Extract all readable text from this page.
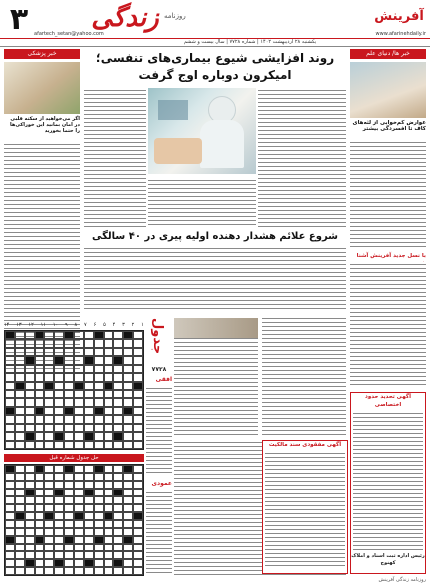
۳ زندگی روزنامه
afartech_setan@yahoo.com
آفرینش
www.afarinehdaily.ir
یکشنبه ۲۸ اردیبهشت ۱۴۰۲ | شماره ۷۷۲۸ | سال بیست و ششم
خبر ها/ دنیای علم
خبر پزشکی	روند افزایشی شیوع بیماری‌های تنفسی؛
امیکرون دوباره اوج گرفت
عوارض کم‌خوابی از لثه‌های کاف تا افسردگی بیشتر
با نسل جدید آفرینش آشنا
اگر می‌خواهید از سکته قلبی در امان بمانید این خوراکی‌ها را حتما بخورید
شروع علائم هشدار دهنده اولیه پیری در ۴۰ سالگی
جدول
۷۷۲۸
۱۴ ۱۳ ۱۲ ۱۱ ۱۰ ۹ ۸ ۷ ۶ ۵ ۴ ۳ ۲ ۱
افقی
حل جدول شماره قبل
عمودی
آگهی تحدید حدود اختصاصی
رئیس اداره ثبت اسناد و املاک کهنوج
آگهی مفقودی سند مالکیت
روزنامه زندگی آفرینش
